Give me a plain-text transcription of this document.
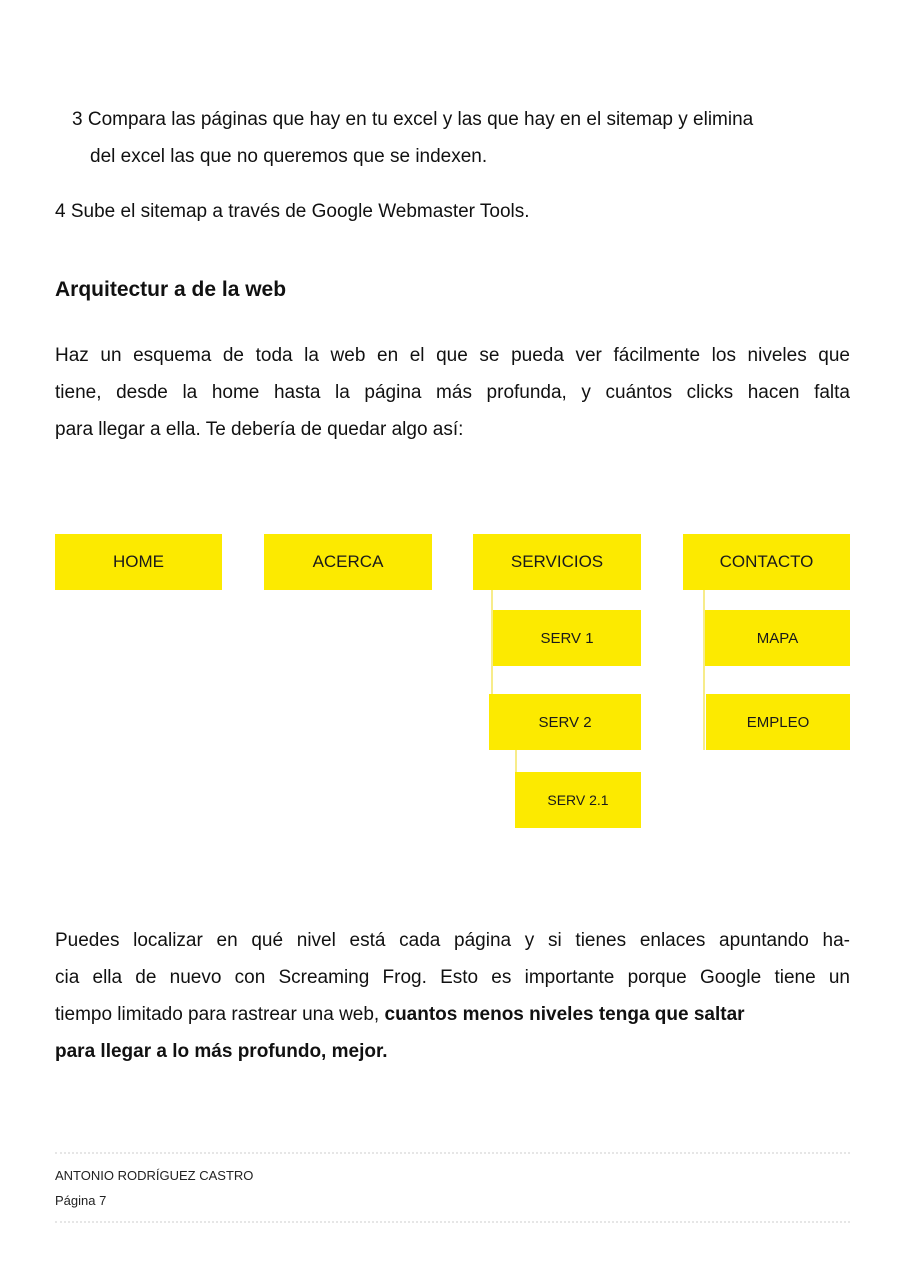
3 Compara las páginas que hay en tu excel y las que hay en el sitemap y elimina
del excel las que no queremos que se indexen.
4 Sube el sitemap a través de Google Webmaster Tools.
Arquitectur a de la web
Haz un esquema de toda la web en el que se pueda ver fácilmente los niveles que
tiene, desde la home hasta la página más profunda, y cuántos clicks hacen falta
para llegar a ella. Te debería de quedar algo así:
HOME	ACERCA	SERVICIOS	CONTACTO
SERV 1
SERV 2
SERV 2.1
MAPA
EMPLEO
Puedes localizar en qué nivel está cada página y si tienes enlaces apuntando ha-
cia ella de nuevo con Screaming Frog. Esto es importante porque Google tiene un
tiempo limitado para rastrear una web, cuantos menos niveles tenga que saltar
para llegar a lo más profundo, mejor.
ANTONIO RODRÍGUEZ CASTRO
Página 7
